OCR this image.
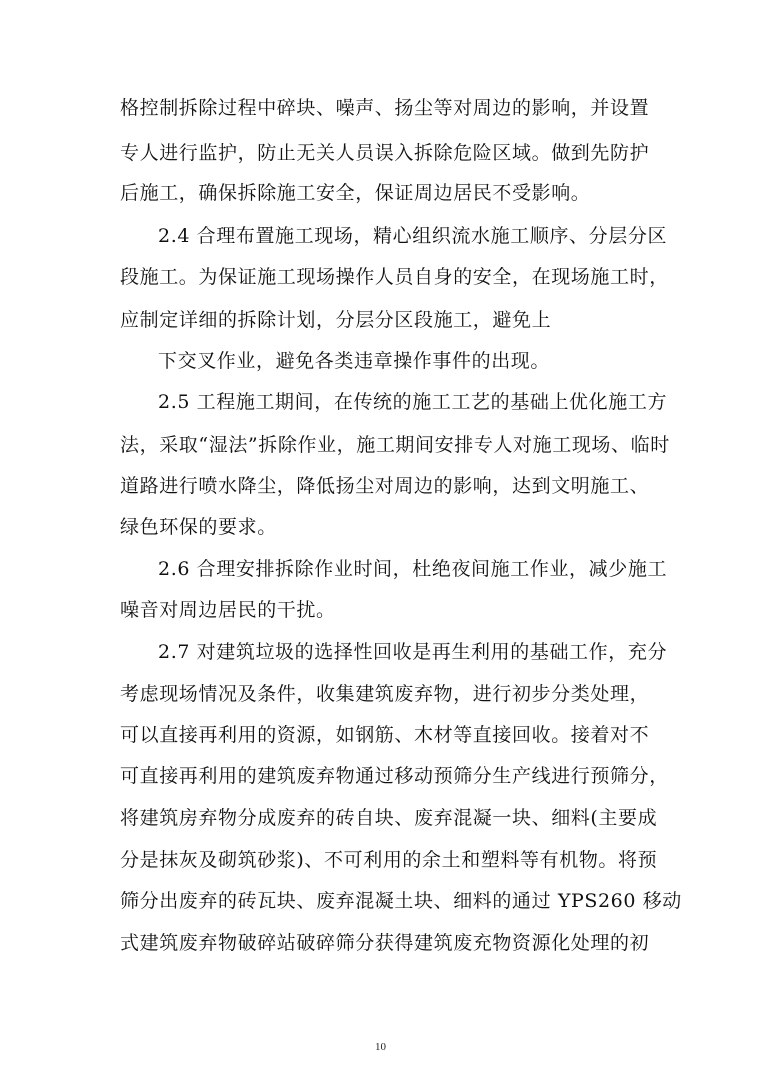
格控制拆除过程中碎块、噪声、扬尘等对周边的影响，并设置
专人进行监护，防止无关人员误入拆除危险区域。做到先防护
后施工，确保拆除施工安全，保证周边居民不受影响。
2.4 合理布置施工现场，精心组织流水施工顺序、分层分区
段施工。为保证施工现场操作人员自身的安全，在现场施工时，
应制定详细的拆除计划，分层分区段施工，避免上
下交叉作业，避免各类违章操作事件的出现。
2.5 工程施工期间，在传统的施工工艺的基础上优化施工方
法，采取“湿法”拆除作业，施工期间安排专人对施工现场、临时
道路进行喷水降尘，降低扬尘对周边的影响，达到文明施工、
绿色环保的要求。
2.6 合理安排拆除作业时间，杜绝夜间施工作业，减少施工
噪音对周边居民的干扰。
2.7 对建筑垃圾的选择性回收是再生利用的基础工作，充分
考虑现场情况及条件，收集建筑废弃物，进行初步分类处理，
可以直接再利用的资源，如钢筋、木材等直接回收。接着对不
可直接再利用的建筑废弃物通过移动预筛分生产线进行预筛分，
将建筑房弃物分成废弃的砖自块、废弃混凝一块、细料(主要成
分是抹灰及砌筑砂浆)、不可利用的余土和塑料等有机物。将预
筛分出废弃的砖瓦块、废弃混凝土块、细料的通过 YPS260 移动
式建筑废弃物破碎站破碎筛分获得建筑废充物资源化处理的初
10
